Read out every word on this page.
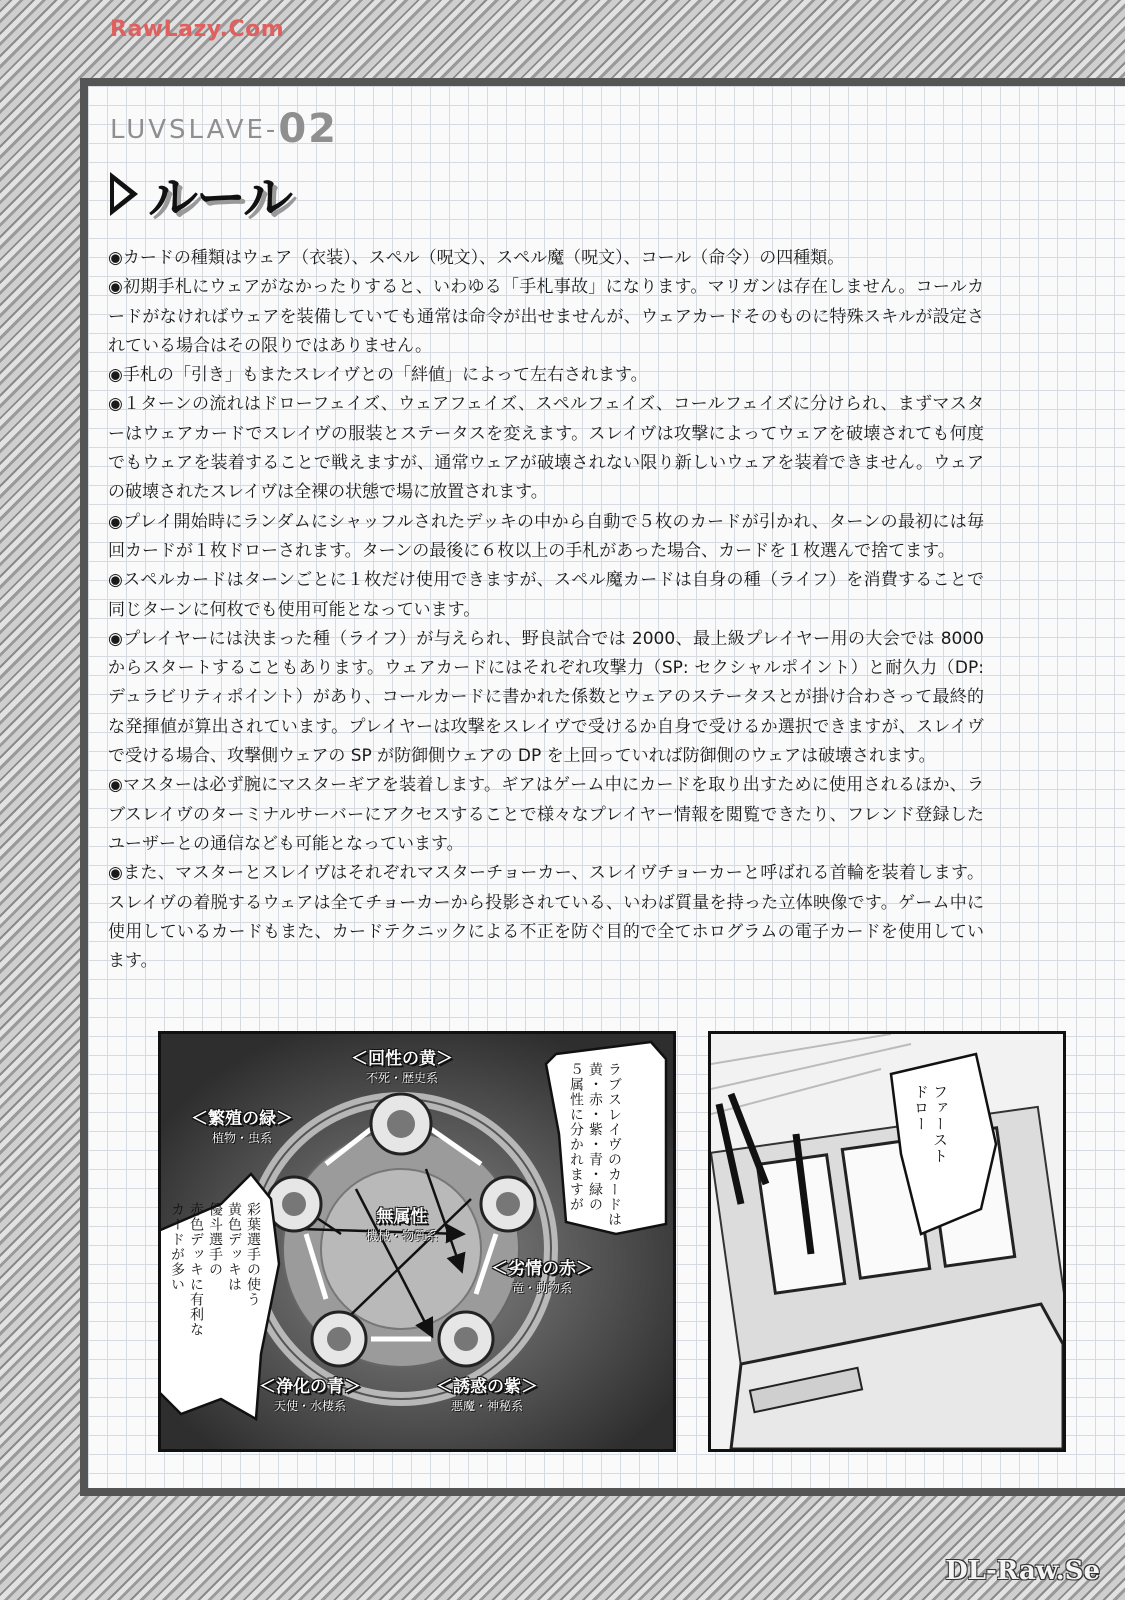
RawLazy.Com
LUVSLAVE-02
ルール

◉カードの種類はウェア（衣装）、スペル（呪文）、スペル魔（呪文）、コール（命令）の四種類。

◉初期手札にウェアがなかったりすると、いわゆる「手札事故」になります。マリガンは存在しません。コールカードがなければウェアを装備していても通常は命令が出せませんが、ウェアカードそのものに特殊スキルが設定されている場合はその限りではありません。

◉手札の「引き」もまたスレイヴとの「絆値」によって左右されます。

◉１ターンの流れはドローフェイズ、ウェアフェイズ、スペルフェイズ、コールフェイズに分けられ、まずマスターはウェアカードでスレイヴの服装とステータスを変えます。スレイヴは攻撃によってウェアを破壊されても何度でもウェアを装着することで戦えますが、通常ウェアが破壊されない限り新しいウェアを装着できません。ウェアの破壊されたスレイヴは全裸の状態で場に放置されます。

◉プレイ開始時にランダムにシャッフルされたデッキの中から自動で５枚のカードが引かれ、ターンの最初には毎回カードが１枚ドローされます。ターンの最後に６枚以上の手札があった場合、カードを１枚選んで捨てます。

◉スペルカードはターンごとに１枚だけ使用できますが、スペル魔カードは自身の種（ライフ）を消費することで同じターンに何枚でも使用可能となっています。

◉プレイヤーには決まった種（ライフ）が与えられ、野良試合では 2000、最上級プレイヤー用の大会では 8000 からスタートすることもあります。ウェアカードにはそれぞれ攻撃力（SP: セクシャルポイント）と耐久力（DP: デュラビリティポイント）があり、コールカードに書かれた係数とウェアのステータスとが掛け合わさって最終的な発揮値が算出されています。プレイヤーは攻撃をスレイヴで受けるか自身で受けるか選択できますが、スレイヴで受ける場合、攻撃側ウェアの SP が防御側ウェアの DP を上回っていれば防御側のウェアは破壊されます。

◉マスターは必ず腕にマスターギアを装着します。ギアはゲーム中にカードを取り出すために使用されるほか、ラブスレイヴのターミナルサーバーにアクセスすることで様々なプレイヤー情報を閲覧できたり、フレンド登録したユーザーとの通信なども可能となっています。

◉また、マスターとスレイヴはそれぞれマスターチョーカー、スレイヴチョーカーと呼ばれる首輪を装着します。スレイヴの着脱するウェアは全てチョーカーから投影されている、いわば質量を持った立体映像です。ゲーム中に使用しているカードもまた、カードテクニックによる不正を防ぐ目的で全てホログラムの電子カードを使用しています。

＜回性の黄＞
不死・歴史系
＜繁殖の緑＞
植物・虫系
＜劣情の赤＞
竜・動物系
＜浄化の青＞
天使・水棲系
＜誘惑の紫＞
悪魔・神秘系
無属性
機械・物質系
ラブスレイヴのカードは
黄・赤・紫・青・緑の
５属性に分かれますが
彩葉選手の使う
黄色デッキは
優斗選手の
赤色デッキに有利な
カードが多い
ファースト
ドロー
DL-Raw.Se
